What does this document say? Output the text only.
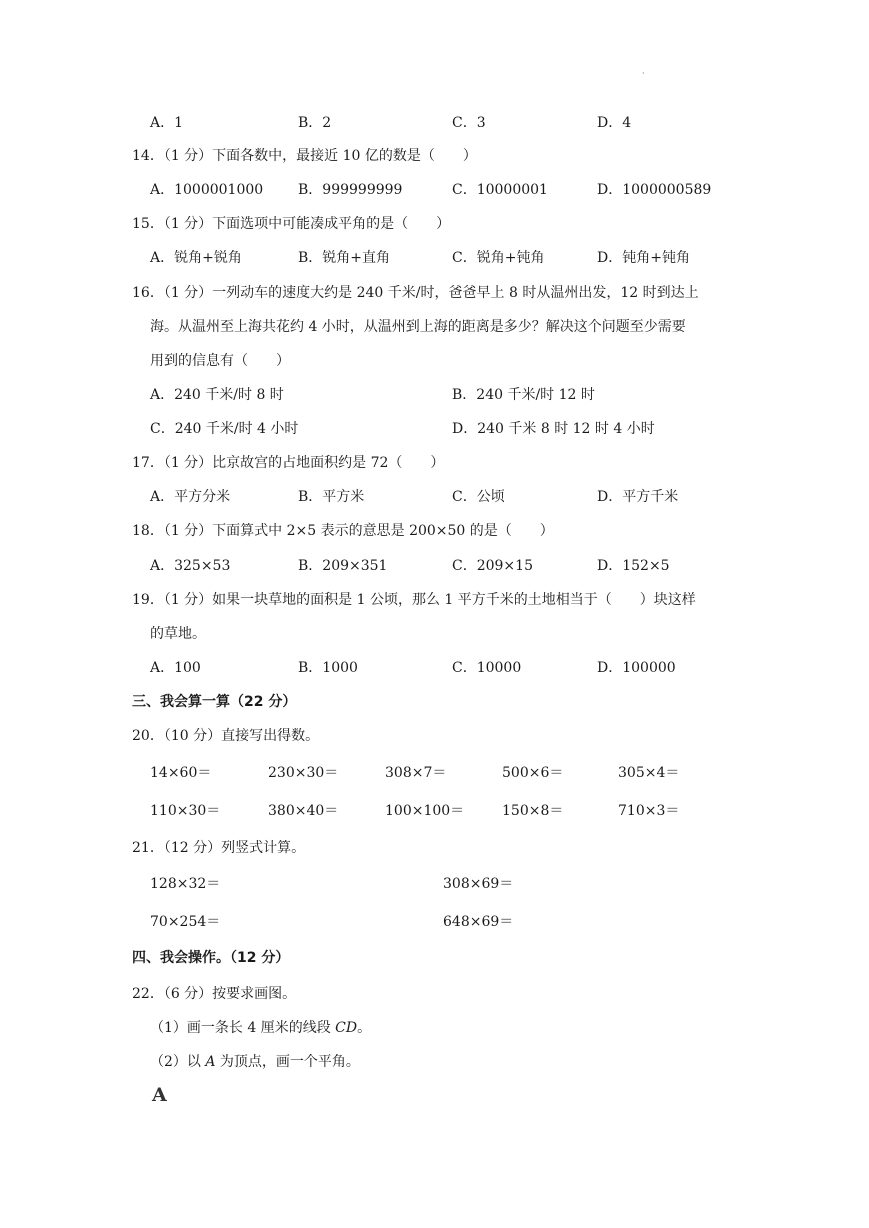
·
A．1	B．2	C．3	D．4
14．（1 分）下面各数中，最接近 10 亿的数是（　　）
A．1000001000 B．999999999	C．10000001	D．1000000589
15．（1 分）下面选项中可能凑成平角的是（　　）
A．锐角+锐角	B．锐角+直角	C．锐角+钝角	D．钝角+钝角
16．（1 分）一列动车的速度大约是 240 千米/时，爸爸早上 8 时从温州出发，12 时到达上
海。从温州至上海共花约 4 小时，从温州到上海的距离是多少？解决这个问题至少需要
用到的信息有（　　）
A．240 千米/时 8 时	B．240 千米/时 12 时
C．240 千米/时 4 小时	D．240 千米 8 时 12 时 4 小时
17．（1 分）比京故宫的占地面积约是 72（　　）
A．平方分米	B．平方米	C．公顷	D．平方千米
18．（1 分）下面算式中 2×5 表示的意思是 200×50 的是（　　）
A．325×53	B．209×351	C．209×15	D．152×5
19．（1 分）如果一块草地的面积是 1 公顷，那么 1 平方千米的土地相当于（　　）块这样
的草地。
A．100	B．1000	C．10000	D．100000
三、我会算一算（22 分）
20．（10 分）直接写出得数。
14×60＝	230×30＝	308×7＝	500×6＝	305×4＝
110×30＝	380×40＝	100×100＝	150×8＝	710×3＝
21．（12 分）列竖式计算。
128×32＝	308×69＝
70×254＝	648×69＝
四、我会操作。（12 分）
22．（6 分）按要求画图。
（1）画一条长 4 厘米的线段 CD。
（2）以 A 为顶点，画一个平角。
A
